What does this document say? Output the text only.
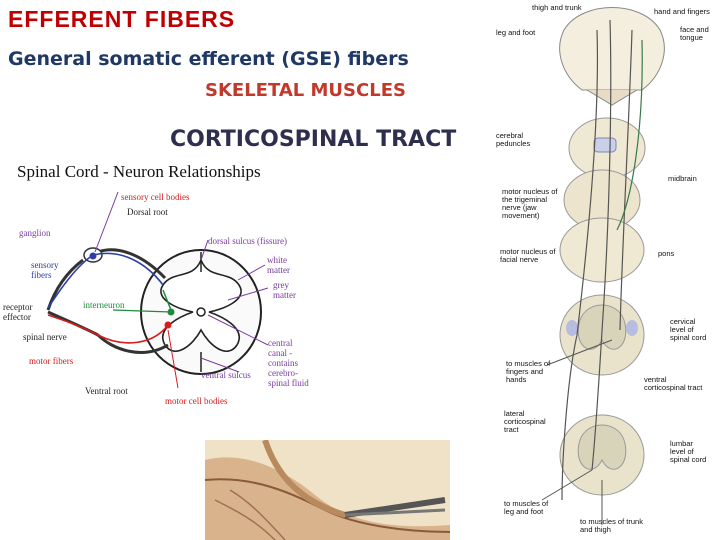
EFFERENT FIBERS
General somatic efferent (GSE) fibers
SKELETAL MUSCLES
CORTICOSPINAL TRACT
Spinal Cord - Neuron Relationships
sensory cell bodies
Dorsal root
ganglion
dorsal sulcus (fissure)
sensory fibers
white matter
grey matter
receptor effector
interneuron
spinal nerve
motor fibers
central canal - contains cerebro-spinal fluid
ventral sulcus
Ventral root
motor cell bodies
thigh and trunk	hand and fingers
leg and foot	face and tongue
cerebral peduncles
midbrain
motor nucleus of the trigeminal nerve (jaw movement)
motor nucleus of facial nerve
pons
cervical level of spinal cord
to muscles of fingers and hands	ventral corticospinal tract
lateral corticospinal tract
lumbar level of spinal cord
to muscles of leg and foot
to muscles of trunk and thigh
